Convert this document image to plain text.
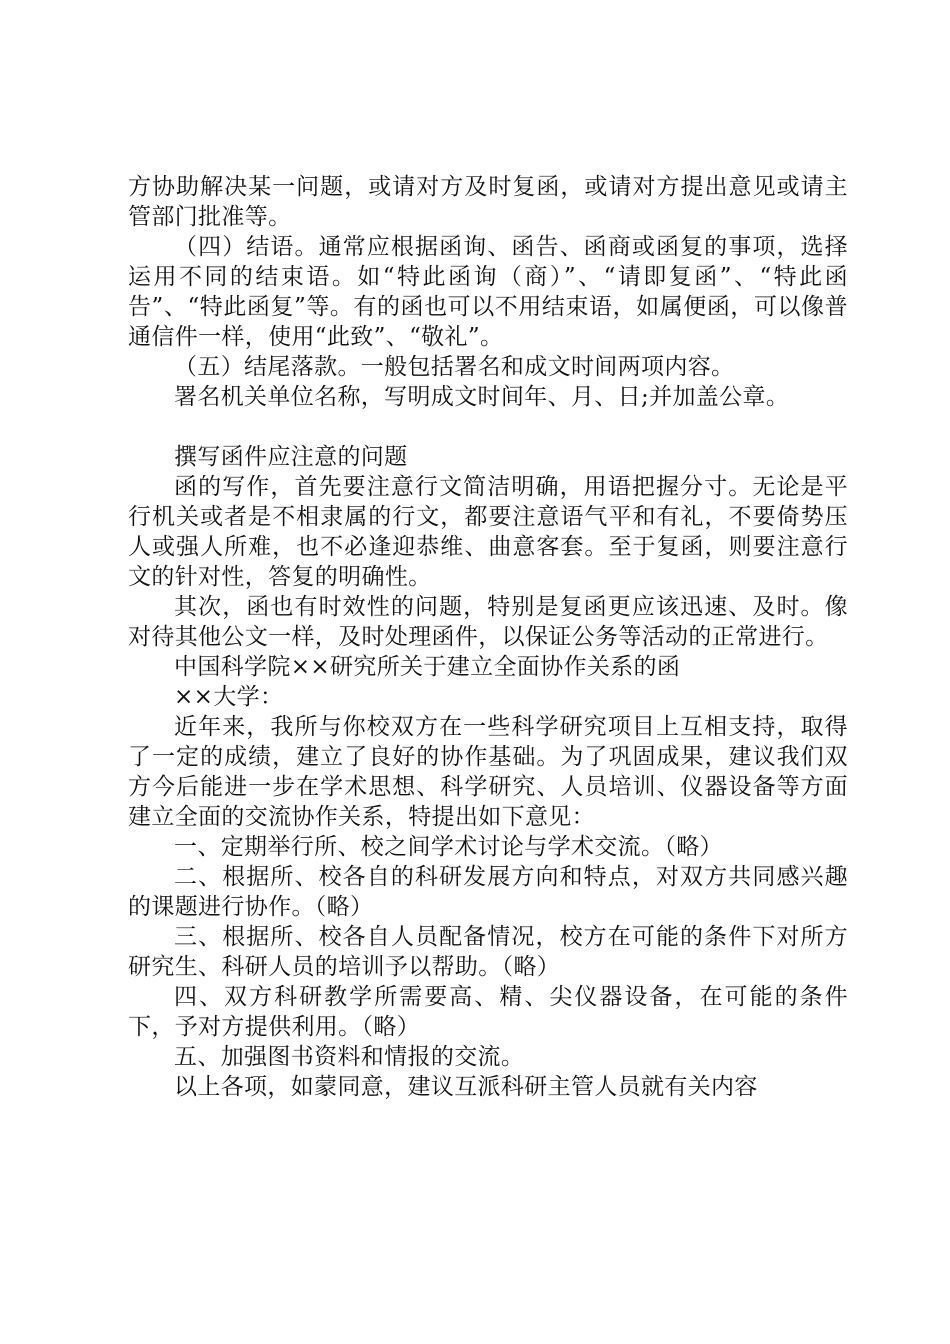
方协助解决某一问题，或请对方及时复函，或请对方提出意见或请主管部门批准等。

（四）结语。通常应根据函询、函告、函商或函复的事项，选择运用不同的结束语。如“特此函询（商）”、“请即复函”、“特此函告”、“特此函复”等。有的函也可以不用结束语，如属便函，可以像普通信件一样，使用“此致”、“敬礼”。

（五）结尾落款。一般包括署名和成文时间两项内容。

署名机关单位名称，写明成文时间年、月、日;并加盖公章。

撰写函件应注意的问题

函的写作，首先要注意行文简洁明确，用语把握分寸。无论是平行机关或者是不相隶属的行文，都要注意语气平和有礼，不要倚势压人或强人所难，也不必逢迎恭维、曲意客套。至于复函，则要注意行文的针对性，答复的明确性。

其次，函也有时效性的问题，特别是复函更应该迅速、及时。像对待其他公文一样，及时处理函件，以保证公务等活动的正常进行。

中国科学院××研究所关于建立全面协作关系的函

××大学：

近年来，我所与你校双方在一些科学研究项目上互相支持，取得了一定的成绩，建立了良好的协作基础。为了巩固成果，建议我们双方今后能进一步在学术思想、科学研究、人员培训、仪器设备等方面建立全面的交流协作关系，特提出如下意见：

一、定期举行所、校之间学术讨论与学术交流。（略）

二、根据所、校各自的科研发展方向和特点，对双方共同感兴趣的课题进行协作。（略）

三、根据所、校各自人员配备情况，校方在可能的条件下对所方研究生、科研人员的培训予以帮助。（略）

四、双方科研教学所需要高、精、尖仪器设备，在可能的条件下，予对方提供利用。（略）

五、加强图书资料和情报的交流。

以上各项，如蒙同意，建议互派科研主管人员就有关内容
